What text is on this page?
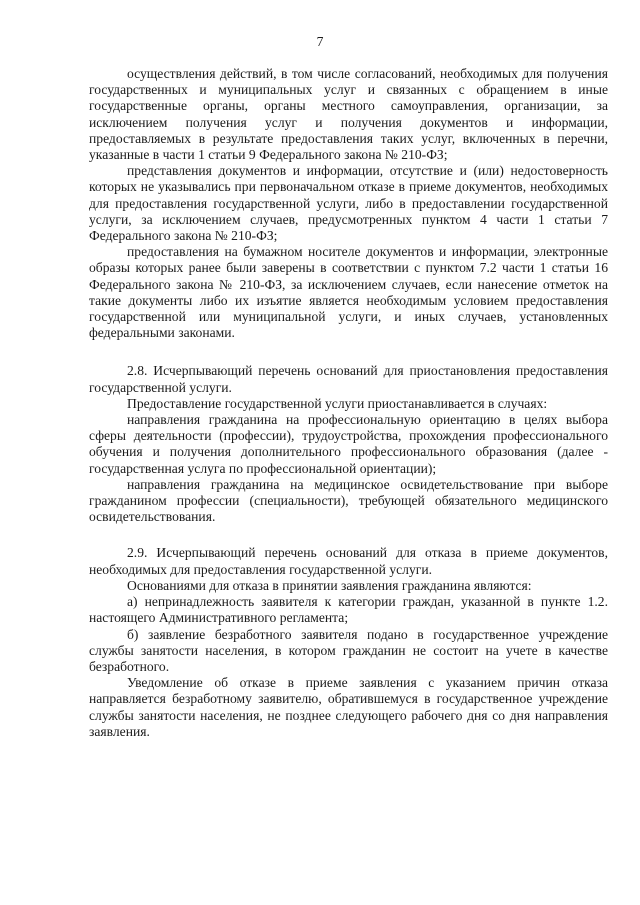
7

осуществления действий, в том числе согласований, необходимых для получения государственных и муниципальных услуг и связанных с обращением в иные государственные органы, органы местного самоуправления, организации, за исключением получения услуг и получения документов и информации, предоставляемых в результате предоставления таких услуг, включенных в перечни, указанные в части 1 статьи 9 Федерального закона № 210-ФЗ;

представления документов и информации, отсутствие и (или) недостоверность которых не указывались при первоначальном отказе в приеме документов, необходимых для предоставления государственной услуги, либо в предоставлении государственной услуги, за исключением случаев, предусмотренных пунктом 4 части 1 статьи 7 Федерального закона № 210-ФЗ;

предоставления на бумажном носителе документов и информации, электронные образы которых ранее были заверены в соответствии с пунктом 7.2 части 1 статьи 16 Федерального закона № 210-ФЗ, за исключением случаев, если нанесение отметок на такие документы либо их изъятие является необходимым условием предоставления государственной или муниципальной услуги, и иных случаев, установленных федеральными законами.

2.8. Исчерпывающий перечень оснований для приостановления предоставления государственной услуги.

Предоставление государственной услуги приостанавливается в случаях:

направления гражданина на профессиональную ориентацию в целях выбора сферы деятельности (профессии), трудоустройства, прохождения профессионального обучения и получения дополнительного профессионального образования (далее - государственная услуга по профессиональной ориентации);

направления гражданина на медицинское освидетельствование при выборе гражданином профессии (специальности), требующей обязательного медицинского освидетельствования.

2.9. Исчерпывающий перечень оснований для отказа в приеме документов, необходимых для предоставления государственной услуги.

Основаниями для отказа в принятии заявления гражданина являются:

а) непринадлежность заявителя к категории граждан, указанной в пункте 1.2. настоящего Административного регламента;

б) заявление безработного заявителя подано в государственное учреждение службы занятости населения, в котором гражданин не состоит на учете в качестве безработного.

Уведомление об отказе в приеме заявления с указанием причин отказа направляется безработному заявителю, обратившемуся в государственное учреждение службы занятости населения, не позднее следующего рабочего дня со дня направления заявления.
